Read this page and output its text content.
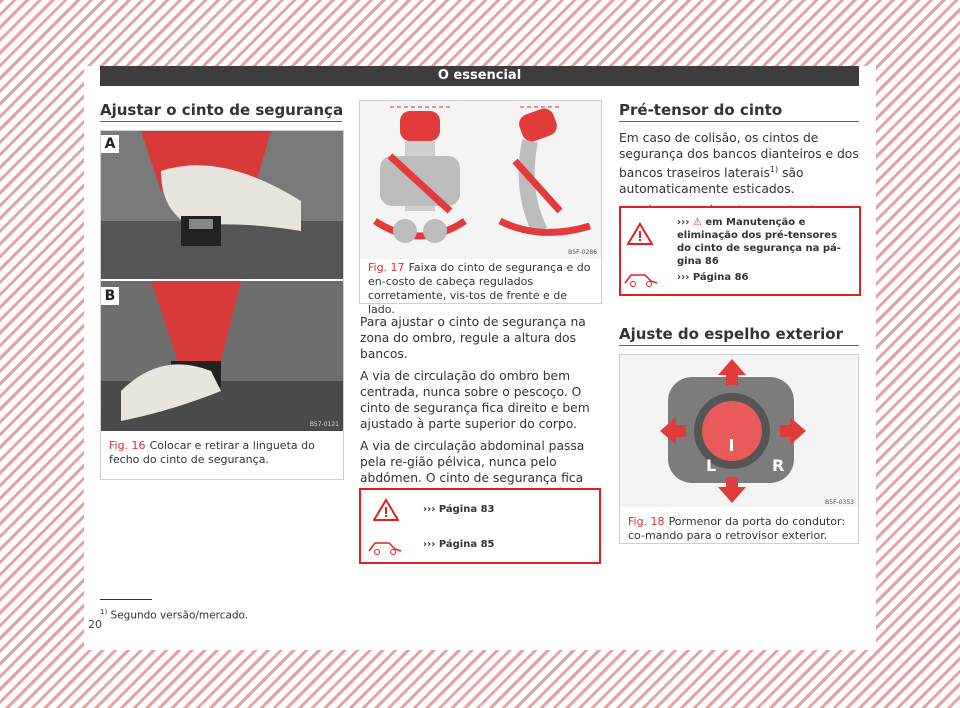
O essencial
Ajustar o cinto de segurança
A
B
B57-0121
Fig. 16 Colocar e retirar a lingueta do fecho do cinto de segurança.
B5F-0286
Fig. 17 Faixa do cinto de segurança e do en-costo de cabeça regulados corretamente, vis-tos de frente e de lado.

Para ajustar o cinto de segurança na zona do ombro, regule a altura dos bancos.

A via de circulação do ombro bem centrada, nunca sobre o pescoço. O cinto de segurança fica direito e bem ajustado à parte superior do corpo.

A via de circulação abdominal passa pela re-gião pélvica, nunca pelo abdómen. O cinto de segurança fica

››› Página 83
››› Página 85
Pré-tensor do cinto

Em caso de colisão, os cintos de segurança dos bancos dianteiros e dos bancos traseiros laterais$^{1)}$ são automaticamente esticados.

››› ⚠ em Manutenção e eliminação dos pré-tensores do cinto de segurança na pá-gina 86
››› Página 86
Ajuste do espelho exterior
L	R
B5F-0353
Fig. 18 Pormenor da porta do condutor: co-mando para o retrovisor exterior.
$^{1)}$ Segundo versão/mercado.
20
